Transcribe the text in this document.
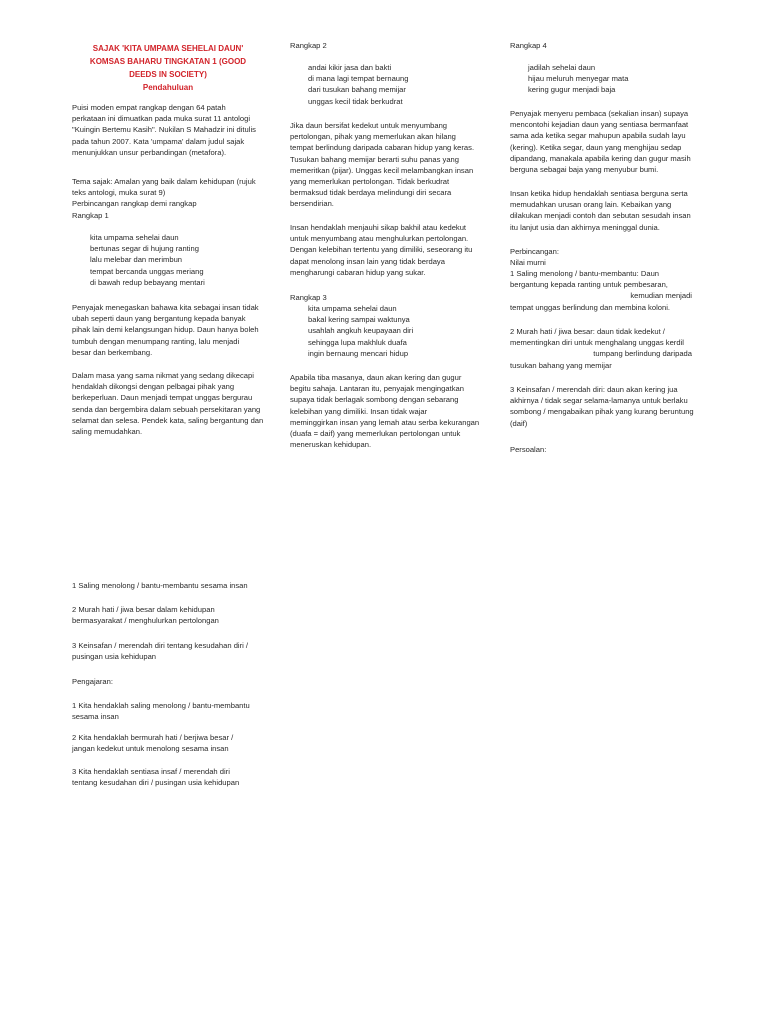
SAJAK 'KITA UMPAMA SEHELAI DAUN'
KOMSAS BAHARU TINGKATAN 1 (GOOD
DEEDS IN SOCIETY)
Pendahuluan

Puisi moden empat rangkap dengan 64 patah
perkataan ini dimuatkan pada muka surat 11 antologi
"Kuingin Bertemu Kasih". Nukilan S Mahadzir ini ditulis
pada tahun 2007. Kata 'umpama' dalam judul sajak
menunjukkan unsur perbandingan (metafora).

Tema sajak: Amalan yang baik dalam kehidupan (rujuk
teks antologi, muka surat 9)
Perbincangan rangkap demi rangkap
Rangkap 1

kita umpama sehelai daun
bertunas segar di hujung ranting
lalu melebar dan merimbun
tempat bercanda unggas meriang
di bawah redup bebayang mentari

Penyajak menegaskan bahawa kita sebagai insan tidak
ubah seperti daun yang bergantung kepada banyak
pihak lain demi kelangsungan hidup. Daun hanya boleh
tumbuh dengan menumpang ranting, lalu menjadi
besar dan berkembang.

Dalam masa yang sama nikmat yang sedang dikecapi
hendaklah dikongsi dengan pelbagai pihak yang
berkeperluan. Daun menjadi tempat unggas bergurau
senda dan bergembira dalam sebuah persekitaran yang
selamat dan selesa. Pendek kata, saling bergantung dan
saling memudahkan.

1 Saling menolong / bantu-membantu sesama insan

2 Murah hati / jiwa besar dalam kehidupan
bermasyarakat / menghulurkan pertolongan

3 Keinsafan / merendah diri tentang kesudahan diri /
pusingan usia kehidupan

Pengajaran:

1 Kita hendaklah saling menolong / bantu-membantu
sesama insan

2 Kita hendaklah bermurah hati / berjiwa besar /
jangan kedekut untuk menolong sesama insan

3 Kita hendaklah sentiasa insaf / merendah diri
tentang kesudahan diri / pusingan usia kehidupan

Rangkap 2

andai kikir jasa dan bakti
di mana lagi tempat bernaung
dari tusukan bahang memijar
unggas kecil tidak berkudrat

Jika daun bersifat kedekut untuk menyumbang
pertolongan, pihak yang memerlukan akan hilang
tempat berlindung daripada cabaran hidup yang keras.
Tusukan bahang memijar berarti suhu panas yang
memeritkan (pijar). Unggas kecil melambangkan insan
yang memerlukan pertolongan. Tidak berkudrat
bermaksud tidak berdaya melindungi diri secara
bersendirian.

Insan hendaklah menjauhi sikap bakhil atau kedekut
untuk menyumbang atau menghulurkan pertolongan.
Dengan kelebihan tertentu yang dimiliki, seseorang itu
dapat menolong insan lain yang tidak berdaya
mengharungi cabaran hidup yang sukar.

Rangkap 3

kita umpama sehelai daun
bakal kering sampai waktunya
usahlah angkuh keupayaan diri
sehingga lupa makhluk duafa
ingin bernaung mencari hidup

Apabila tiba masanya, daun akan kering dan gugur
begitu sahaja. Lantaran itu, penyajak mengingatkan
supaya tidak berlagak sombong dengan sebarang
kelebihan yang dimiliki. Insan tidak wajar
meminggirkan insan yang lemah atau serba kekurangan
(duafa = daif) yang memerlukan pertolongan untuk
meneruskan kehidupan.

Rangkap 4

jadilah sehelai daun
hijau meluruh menyegar mata
kering gugur menjadi baja

Penyajak menyeru pembaca (sekalian insan) supaya
mencontohi kejadian daun yang sentiasa bermanfaat
sama ada ketika segar mahupun apabila sudah layu
(kering). Ketika segar, daun yang menghijau sedap
dipandang, manakala apabila kering dan gugur masih
berguna sebagai baja yang menyubur bumi.

Insan ketika hidup hendaklah sentiasa berguna serta
memudahkan urusan orang lain. Kebaikan yang
dilakukan menjadi contoh dan sebutan sesudah insan
itu lanjut usia dan akhirnya meninggal dunia.

Perbincangan:
Nilai murni

1 Saling menolong / bantu-membantu: Daun
bergantung kepada ranting untuk pembesaran,
kemudian menjadi
tempat unggas berlindung dan membina koloni.

2 Murah hati / jiwa besar: daun tidak kedekut /
mementingkan diri untuk menghalang unggas kerdil
tumpang berlindung daripada
tusukan bahang yang memijar

3 Keinsafan / merendah diri: daun akan kering jua
akhirnya / tidak segar selama-lamanya untuk berlaku
sombong / mengabaikan pihak yang kurang beruntung
(daif)

Persoalan:
